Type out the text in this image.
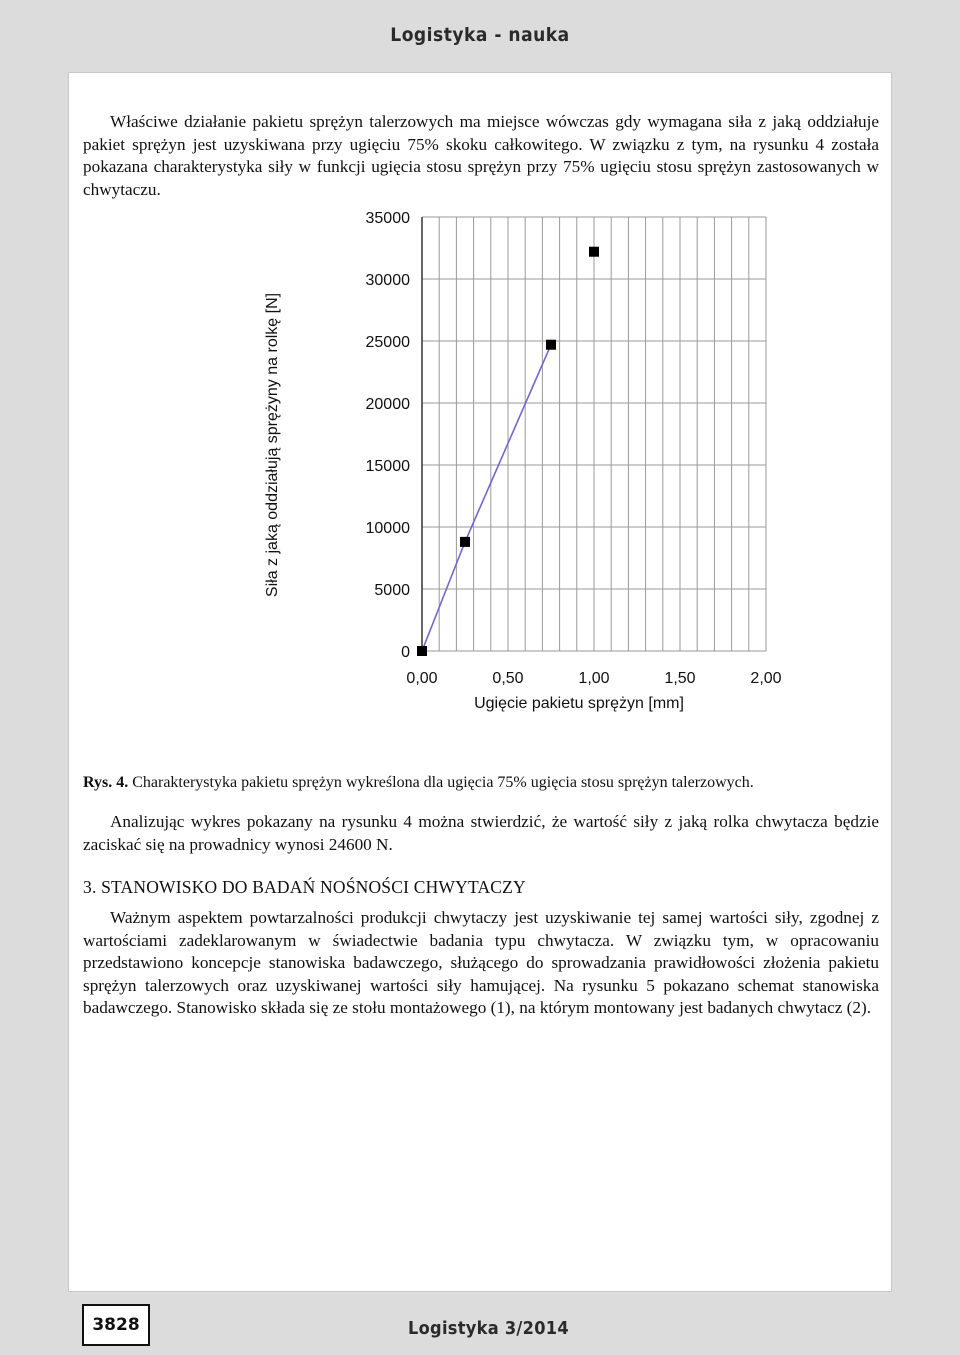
Logistyka - nauka
Właściwe działanie pakietu sprężyn talerzowych ma miejsce wówczas gdy wymagana siła z jaką oddziałuje pakiet sprężyn jest uzyskiwana przy ugięciu 75% skoku całkowitego. W związku z tym, na rysunku 4 została pokazana charakterystyka siły w funkcji ugięcia stosu sprężyn przy 75% ugięciu stosu sprężyn zastosowanych w chwytaczu.
0,00	0,50	1,00	1,50	2,00
0
5000
10000
15000
20000
25000
30000
35000
Siła z jaką oddziałują sprężyny na rolkę [N]
Ugięcie pakietu sprężyn [mm]
Rys. 4. Charakterystyka pakietu sprężyn wykreślona dla ugięcia 75% ugięcia stosu sprężyn talerzowych.
Analizując wykres pokazany na rysunku 4 można stwierdzić, że wartość siły z jaką rolka chwytacza będzie zaciskać się na prowadnicy wynosi 24600 N.
3. STANOWISKO DO BADAŃ NOŚNOŚCI CHWYTACZY
Ważnym aspektem powtarzalności produkcji chwytaczy jest uzyskiwanie tej samej wartości siły, zgodnej z wartościami zadeklarowanym w świadectwie badania typu chwytacza. W związku tym, w opracowaniu przedstawiono koncepcje stanowiska badawczego, służącego do sprowadzania prawidłowości złożenia pakietu sprężyn talerzowych oraz uzyskiwanej wartości siły hamującej. Na rysunku 5 pokazano schemat stanowiska badawczego. Stanowisko składa się ze stołu montażowego (1), na którym montowany jest badanych chwytacz (2).
3828	Logistyka 3/2014
